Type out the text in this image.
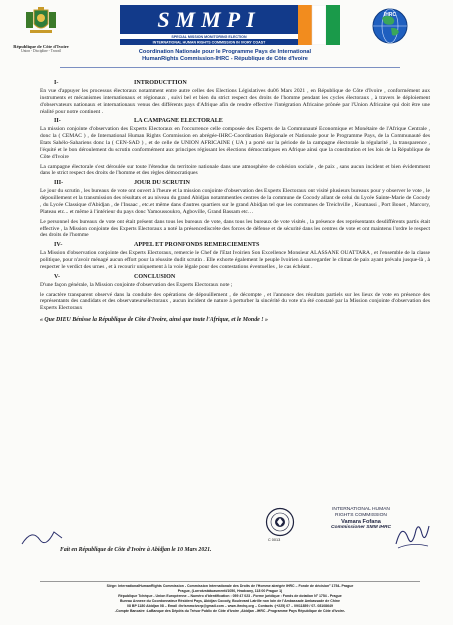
République de Côte d'Ivoire
Union - Discipline - Travail
SMMPI
SPECIAL MISSION MONITORING ELECTION
INTERNATIONAL HUMAN RIGHTS COMMISSION IN IVORY COAST
IHRC
Coordination Nationale pour le Programme Pays de International
HumanRights Commission-IHRC - République de Côte d'Ivoire
I-	INTRODUCTTION

En vue d'appuyer les processus électoraux notamment entre autre celles des Elections Législatives du06 Mars 2021 , en République de Côte d'Ivoire , conformément aux instruments et mécanismes internationaux et régionaux , suivi bel et bien du strict respect des droits de l'homme pendant les cycles électoraux , à travers le déploiement d'observateurs nationaux et internationaux venus des différents pays d'Afrique afin de rendre effective l'intégration Africaine prônée par l'Union Africaine qui doit être une réalité pour notre continent .

II-	LA CAMPAGNE ELECTORALE

La mission conjointe d'observation des Experts Electoraux en l'occurrence celle composée des Experts de la Communauté Economique et Monétaire de l'Afrique Centrale , donc la ( CEMAC ) , de International Human Rights Commission en abrégée-IHRC-Coordination Régionale et Nationale pour le Programme Pays, de la Communauté des Etats Sahélo-Sahariens donc la ( CEN-SAD ) , et de celle de UNION AFRICAINE ( UA ) a porté sur la période de la campagne électorale la régularité , la transparence , l'équité et le bon déroulement du scrutin conformément aux principes régissant les élections démocratiques en Afrique ainsi que la constitution et les lois de la République de Côte d'Ivoire

La campagne électorale s'est déroulée sur toute l'étendue du territoire nationale dans une atmosphère de cohésion sociale , de paix , sans aucun incident et bien évidemment dans le strict respect des droits de l'homme et des règles démocratiques

III-	JOUR DU SCRUTIN

Le jour du scrutin , les bureaux de vote ont ouvert à l'heure et la mission conjointe d'observation des Experts Electoraux ont visité plusieurs bureaux pour y observer le vote , le dépouillement et la transmission des résultats et au niveau du grand Abidjan notammentles centres de la commune de Cocody allant de celui du Lycée Sainte-Marie de Cocody , du Lycée Classique d'Abidjan , de l'Insaac , etc.et même dans d'autres quartiers sur le grand Abidjan tel que les communes de Treichville , Koumassi , Port Bouet , Marcory, Plateau etc... et même à l'intérieur du pays donc Yamoussoukro, Agboville, Grand Bassam etc…

Le personnel des bureaux de vote ont était présent dans tous les bureaux de vote, dans tous les bureaux de vote visités , la présence des représentants desdifférents partis était effective , la Mission conjointe des Experts Electoraux a noté la présencediscrète des forces de défense et de sécurité dans les centres de vote et ont maintenu l'ordre le respect des droits de l'homme

IV-	APPEL ET PRONFONDS REMERCIEMENTS

La Mission d'observation conjointe des Experts Electoraux, remercie le Chef de l'Etat Ivoirien Son Excellence Monsieur ALASSANE OUATTARA , et l'ensemble de la classe politique, pour n'avoir ménagé aucun effort pour la réussite dudit scrutin . Elle exhorte également le peuple Ivoirien à sauvegarder le climat de paix ayant prévalu jusque-là , à respecter le verdict des urnes , et à recourir uniquement à la voie légale pour des contestations éventuelles , le cas échéant .

V-	CONCLUSION

D'une façon générale, la Mission conjointe d'observation des Experts Electoraux note ;

le caractère transparent observé dans la conduite des opérations de dépouillement , de décompte , et l'annonce des résultats partiels sur les lieux de vote en présence des représentants des candidats et des observateursélectoraux , aucun incident de nature à perturber la sincérité du vote n'a été constaté par la Mission conjointe d'observation des Experts Electoraux

« Que DIEU Bénisse la République de Côte d'Ivoire, ainsi que toute l'Afrique, et le Monde ! »
C 0013
INTERNATIONAL HUMAN
RIGHTS COMMISSION
Vamara Fofana
Commissioner SMM IHRC
Fait en République de Côte d'Ivoire à Abidjan le 10 Mars 2021.
Siège: InternationalHumanRights Commission - Commission Internationale des Droits de l'Homme abrégée IHRC – Fonde de décision° 1754- Prague
Prague, (Lorrotzstátuasmenti/1050, Hradcany, 118 00 Prague 1)
République Tchèque - Union Européenne – Numéro d'identification : 059 47 023 - Forme juridique : Fonds de dotation N° 1754 - Prague
Bureau Annexe du Coordonnateur Résident Pays, Abidjan Cocody, Boulevard Latrille non loin de l'Ambassade Ambassade de Chine
08 BP 1180 Abidjan 08 – Email :ihrlsmmcivcrp@gmail.com – www.ihrchq.org – Contacts :(+225) 07 – 09/11859 / 07- 08108649
-Compte Bancaire :LaBanque des Dépôts du Trésor Public de Côte d'Ivoire ,Abidjan –IHRC –Programme Pays République de Côte d'Ivoire-
